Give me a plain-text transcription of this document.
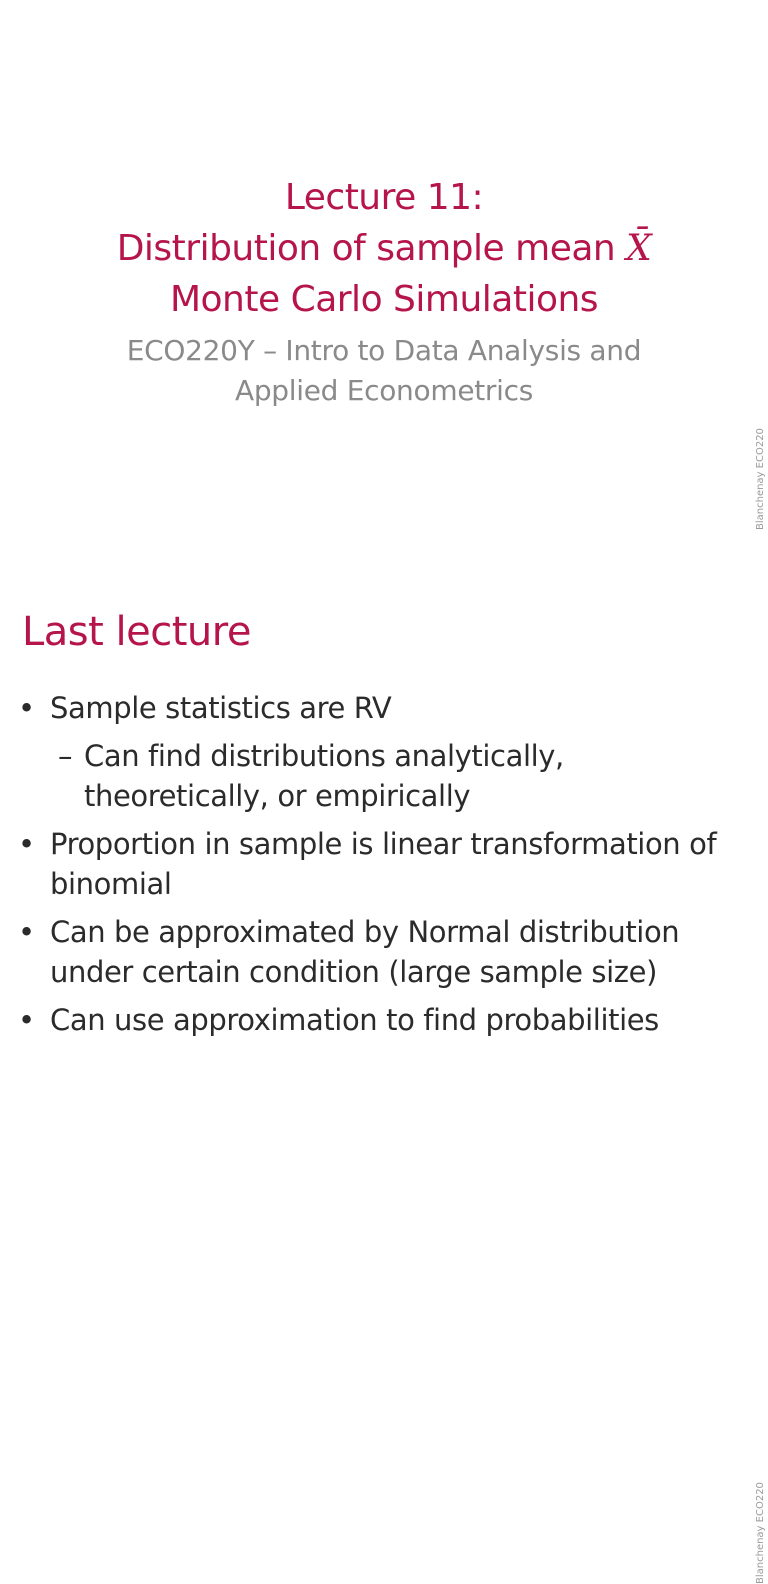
Lecture 11:
Distribution of sample mean X̄
Monte Carlo Simulations
ECO220Y – Intro to Data Analysis and
Applied Econometrics
Blanchenay ECO220
Last lecture
• Sample statistics are RV
– Can find distributions analytically, theoretically, or empirically
• Proportion in sample is linear transformation of binomial
• Can be approximated by Normal distribution under certain condition (large sample size)
• Can use approximation to find probabilities
Blanchenay ECO220
